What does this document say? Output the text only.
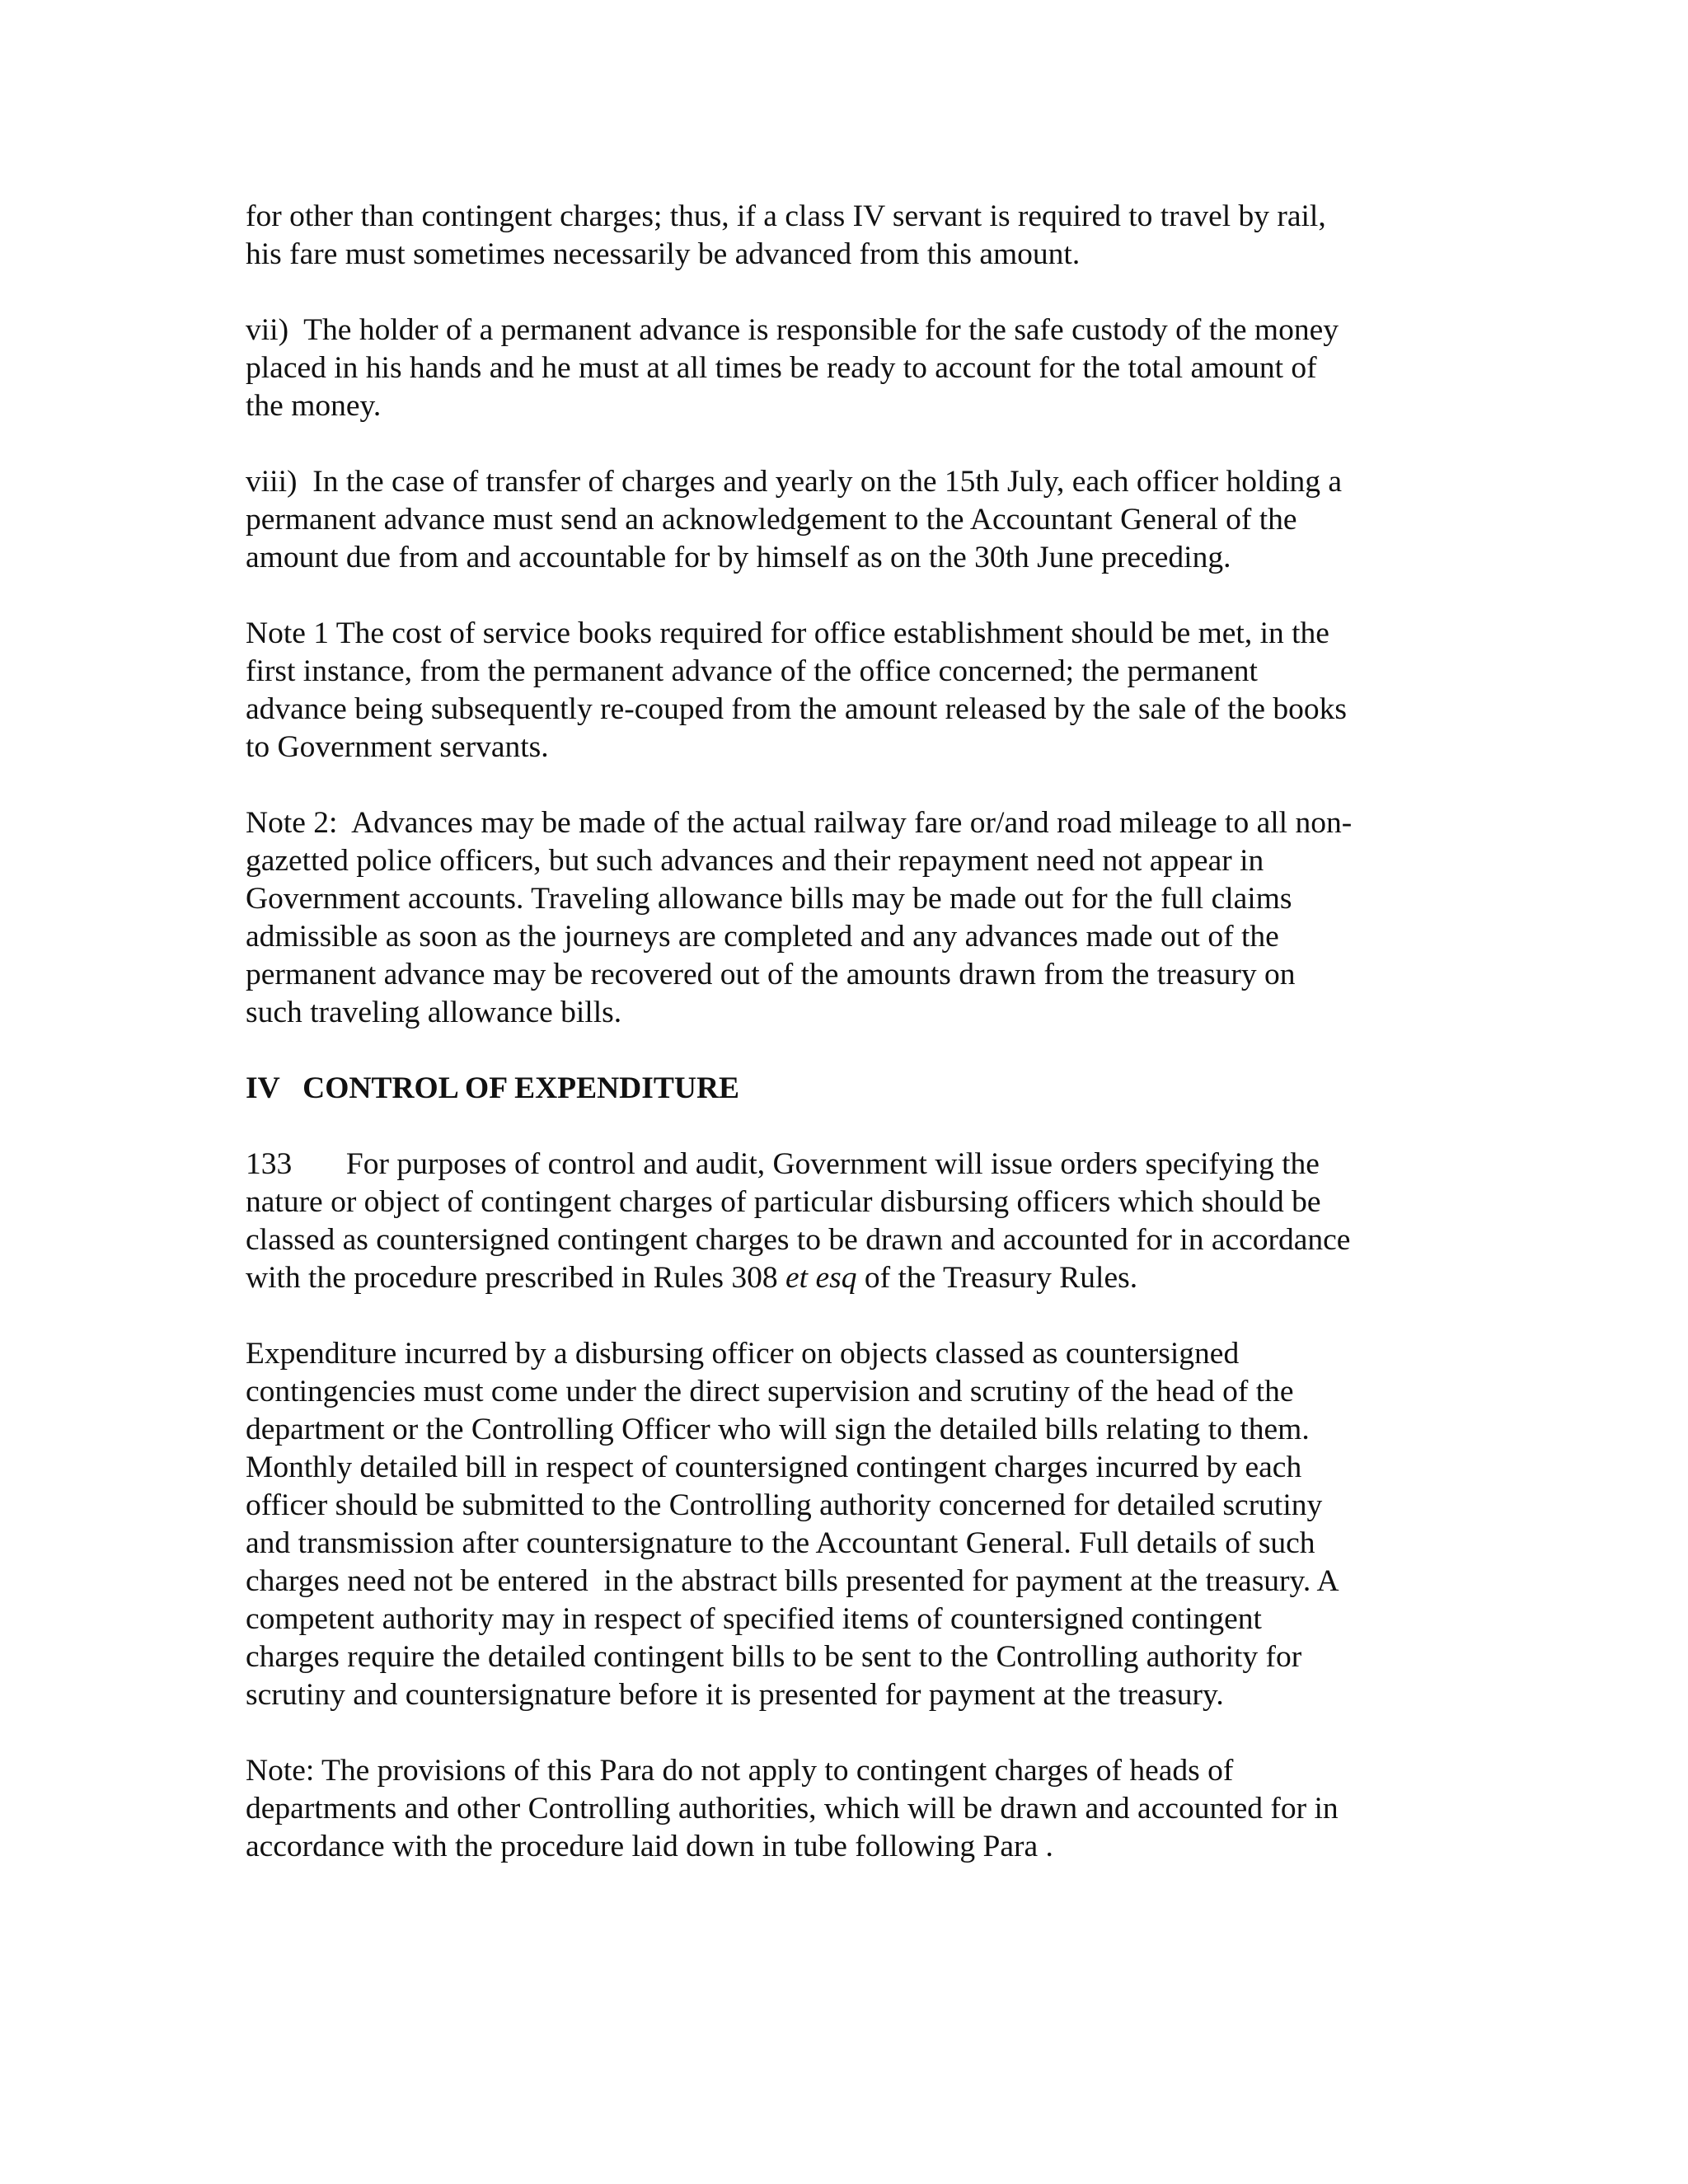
for other than contingent charges; thus, if a class IV servant is required to travel by rail,
his fare must sometimes necessarily be advanced from this amount.
vii)  The holder of a permanent advance is responsible for the safe custody of the money
placed in his hands and he must at all times be ready to account for the total amount of
the money.
viii)  In the case of transfer of charges and yearly on the 15th July, each officer holding a
permanent advance must send an acknowledgement to the Accountant General of the
amount due from and accountable for by himself as on the 30th June preceding.
Note 1 The cost of service books required for office establishment should be met, in the
first instance, from the permanent advance of the office concerned; the permanent
advance being subsequently re-couped from the amount released by the sale of the books
to Government servants.
Note 2:  Advances may be made of the actual railway fare or/and road mileage to all non-
gazetted police officers, but such advances and their repayment need not appear in
Government accounts. Traveling allowance bills may be made out for the full claims
admissible as soon as the journeys are completed and any advances made out of the
permanent advance may be recovered out of the amounts drawn from the treasury on
such traveling allowance bills.
IV   CONTROL OF EXPENDITURE
133       For purposes of control and audit, Government will issue orders specifying the
nature or object of contingent charges of particular disbursing officers which should be
classed as countersigned contingent charges to be drawn and accounted for in accordance
with the procedure prescribed in Rules 308 et esq of the Treasury Rules.
Expenditure incurred by a disbursing officer on objects classed as countersigned
contingencies must come under the direct supervision and scrutiny of the head of the
department or the Controlling Officer who will sign the detailed bills relating to them.
Monthly detailed bill in respect of countersigned contingent charges incurred by each
officer should be submitted to the Controlling authority concerned for detailed scrutiny
and transmission after countersignature to the Accountant General. Full details of such
charges need not be entered  in the abstract bills presented for payment at the treasury. A
competent authority may in respect of specified items of countersigned contingent
charges require the detailed contingent bills to be sent to the Controlling authority for
scrutiny and countersignature before it is presented for payment at the treasury.
Note: The provisions of this Para do not apply to contingent charges of heads of
departments and other Controlling authorities, which will be drawn and accounted for in
accordance with the procedure laid down in tube following Para .
